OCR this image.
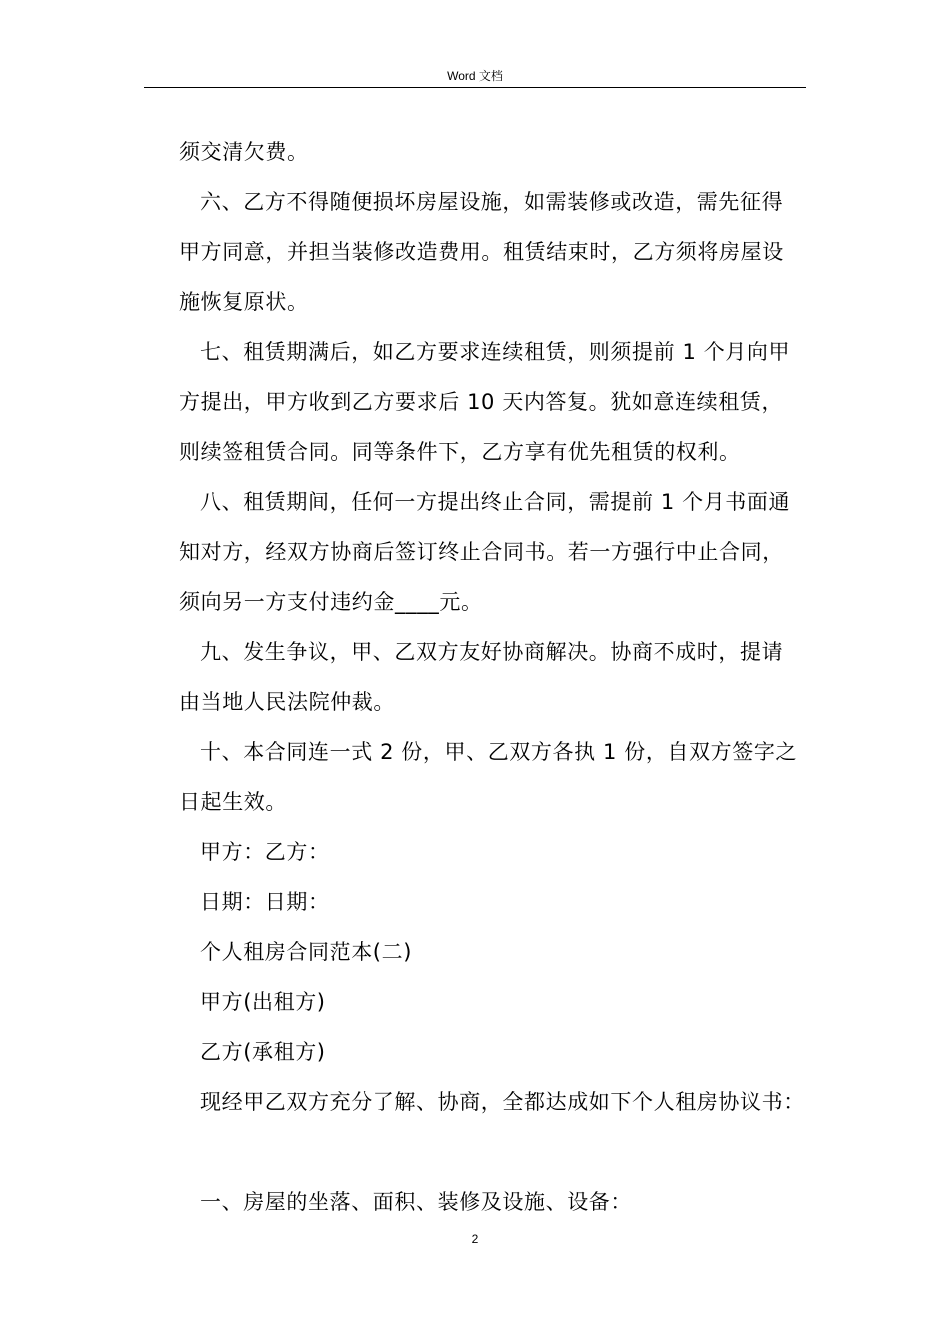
Word 文档

须交清欠费。

六、乙方不得随便损坏房屋设施，如需装修或改造，需先征得

甲方同意，并担当装修改造费用。租赁结束时，乙方须将房屋设

施恢复原状。

七、租赁期满后，如乙方要求连续租赁，则须提前 1 个月向甲

方提出，甲方收到乙方要求后 10 天内答复。犹如意连续租赁，

则续签租赁合同。同等条件下，乙方享有优先租赁的权利。

八、租赁期间，任何一方提出终止合同，需提前 1 个月书面通

知对方，经双方协商后签订终止合同书。若一方强行中止合同，

须向另一方支付违约金____元。

九、发生争议，甲、乙双方友好协商解决。协商不成时，提请

由当地人民法院仲裁。

十、本合同连一式 2 份，甲、乙双方各执 1 份，自双方签字之

日起生效。

甲方：乙方：

日期：日期：

个人租房合同范本(二)

甲方(出租方)

乙方(承租方)

现经甲乙双方充分了解、协商，全都达成如下个人租房协议书：

一、房屋的坐落、面积、装修及设施、设备：

2
